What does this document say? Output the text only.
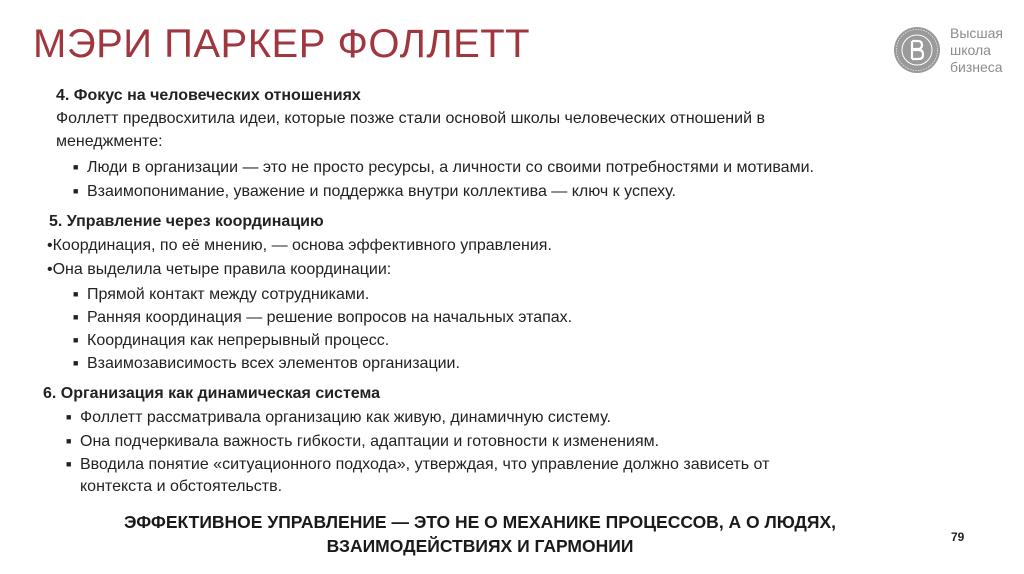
МЭРИ ПАРКЕР ФОЛЛЕТТ	Высшая
школа
бизнеса
4. Фокус на человеческих отношениях
Фоллетт предвосхитила идеи, которые позже стали основой школы человеческих отношений в
менеджменте:
■ Люди в организации — это не просто ресурсы, а личности со своими потребностями и мотивами.
■ Взаимопонимание, уважение и поддержка внутри коллектива — ключ к успеху.
5. Управление через координацию
•Координация, по её мнению, — основа эффективного управления.
•Она выделила четыре правила координации:
■ Прямой контакт между сотрудниками.
■ Ранняя координация — решение вопросов на начальных этапах.
■ Координация как непрерывный процесс.
■ Взаимозависимость всех элементов организации.
6. Организация как динамическая система
■ Фоллетт рассматривала организацию как живую, динамичную систему.
■ Она подчеркивала важность гибкости, адаптации и готовности к изменениям.
■ Вводила понятие «ситуационного подхода», утверждая, что управление должно зависеть от
контекста и обстоятельств.
ЭФФЕКТИВНОЕ УПРАВЛЕНИЕ — ЭТО НЕ О МЕХАНИКЕ ПРОЦЕССОВ, А О ЛЮДЯХ,
ВЗАИМОДЕЙСТВИЯХ И ГАРМОНИИ	79
